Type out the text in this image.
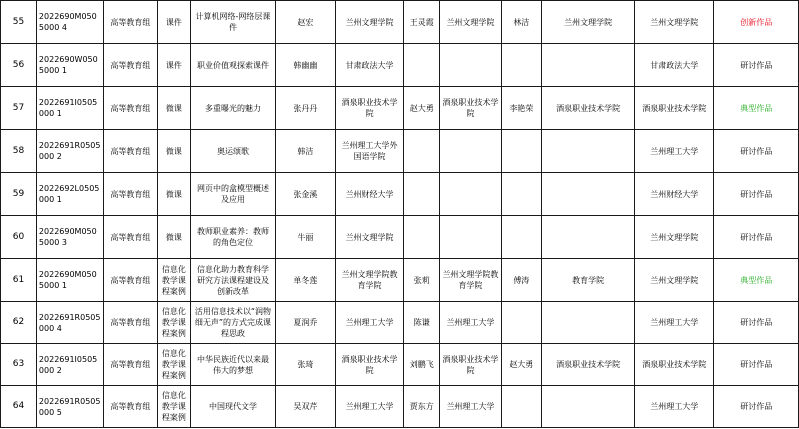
55	2022690M0505000 4	高等教育组	课件	计算机网络-网络层课件	赵宏	兰州文理学院	王灵霞	兰州文理学院	林洁	兰州文理学院	兰州文理学院	创新作品
56	2022690W0505000 1	高等教育组	课件	职业价值观探索课件	韩幽幽	甘肃政法大学					甘肃政法大学	研讨作品
57	2022691I0505000 1	高等教育组	微课	多重曝光的魅力	张丹丹	酒泉职业技术学院	赵大勇	酒泉职业技术学院	李艳荣	酒泉职业技术学院	酒泉职业技术学院	典型作品
58	2022691R0505000 2	高等教育组	微课	奥运颂歌	韩洁	兰州理工大学外国语学院					兰州理工大学	研讨作品
59	2022692L0505000 1	高等教育组	微课	网页中的盒模型概述及应用	张金溪	兰州财经大学					兰州财经大学	研讨作品
60	2022690M0505000 3	高等教育组	微课	教师职业素养：教师的角色定位	牛丽	兰州文理学院					兰州文理学院	研讨作品
61	2022690M0505000 1	高等教育组	信息化教学课程案例	信息化助力教育科学研究方法课程建设及创新改革	单冬莲	兰州文理学院教育学院	张莉	兰州文理学院教育学院	傅涛	教育学院	兰州文理学院	典型作品
62	2022691R0505000 4	高等教育组	信息化教学课程案例	活用信息技术以“润物细无声”的方式完成课程思政	夏润乔	兰州理工大学	陈谦	兰州理工大学			兰州理工大学	研讨作品
63	2022691I0505000 2	高等教育组	信息化教学课程案例	中华民族近代以来最伟大的梦想	张琦	酒泉职业技术学院	刘鹏飞	酒泉职业技术学院	赵大勇	酒泉职业技术学院	酒泉职业技术学院	研讨作品
64	2022691R0505000 5	高等教育组	信息化教学课程案例	中国现代文学	吴双芹	兰州理工大学	贾东方	兰州理工大学			兰州理工大学	研讨作品
